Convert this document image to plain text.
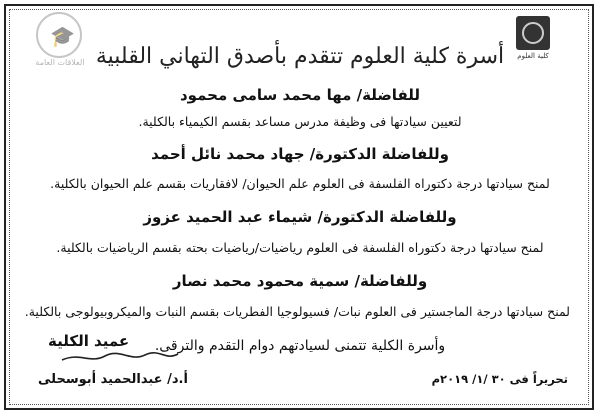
🎓
العلاقات العامة
كلية العلوم
أسرة كلية العلوم تتقدم بأصدق التهاني القلبية
للفاضلة/ مها محمد سامى محمود
لتعيين سيادتها فى وظيفة مدرس مساعد بقسم الكيمياء بالكلية.
وللفاضلة الدكتورة/ جهاد محمد نائل أحمد
لمنح سيادتها درجة دكتوراه الفلسفة فى العلوم علم الحيوان/ لافقاريات بقسم علم الحيوان بالكلية.
وللفاضلة الدكتورة/ شيماء عبد الحميد عزوز
لمنح سيادتها درجة دكتوراه الفلسفة فى العلوم رياضيات/رياضيات بحته بقسم الرياضيات بالكلية.
وللفاضلة/ سمية محمود محمد نصار
لمنح سيادتها درجة الماجستير فى العلوم نبات/ فسيولوجيا الفطريات بقسم النبات والميكروبيولوجى بالكلية.
وأسرة الكلية تتمنى لسيادتهم دوام التقدم والترقى.
عميد الكلية
أ.د/ عبدالحميد أبوسحلى	تحريراً فى ٣٠ /١/ ٢٠١٩م
